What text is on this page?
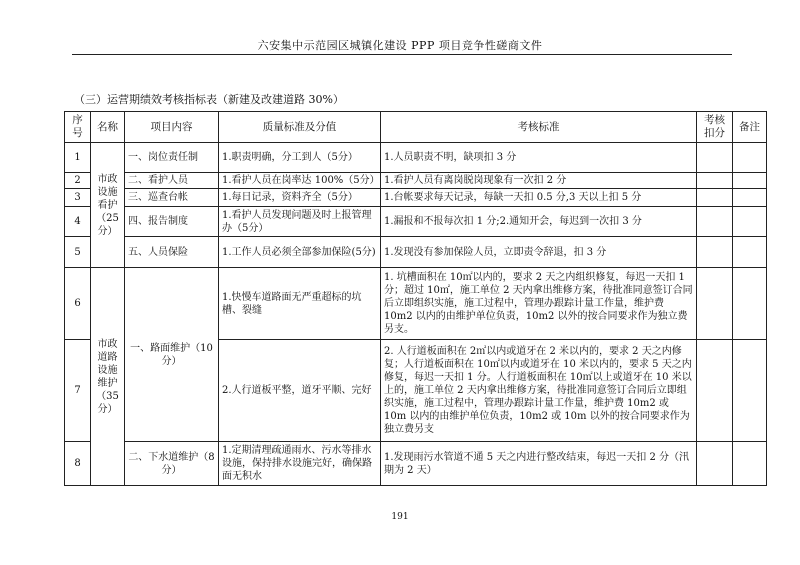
六安集中示范园区城镇化建设 PPP 项目竞争性磋商文件
（三）运营期绩效考核指标表（新建及改建道路 30%）
序号	名称	项目内容	质量标准及分值	考核标准	考核扣分	备注
1	市政设施看护（25分）	一、岗位责任制	1.职责明确，分工到人（5分）	1.人员职责不明，缺项扣 3 分		
2		二、看护人员	1.看护人员在岗率达 100%（5分）	1.看护人员有离岗脱岗现象有一次扣 2 分		
3		三、巡查台帐	1.每日记录，资料齐全（5分）	1.台帐要求每天记录，每缺一天扣 0.5 分,3 天以上扣 5 分		
4		四、报告制度	1.看护人员发现问题及时上报管理办（5分）	1.漏报和不报每次扣 1 分;2.通知开会，每迟到一次扣 3 分		
5		五、人员保险	1.工作人员必须全部参加保险(5分)	1.发现没有参加保险人员，立即责令辞退，扣 3 分		
6	市政道路设施维护（35分）	一、路面维护（10分）	1.快慢车道路面无严重超标的坑槽、裂缝	1. 坑槽面积在 10㎡以内的，要求 2 天之内组织修复，每迟一天扣 1 分；超过 10㎡，施工单位 2 天内拿出维修方案，待批准同意签订合同后立即组织实施，施工过程中，管理办跟踪计量工作量，维护费 10m2 以内的由维护单位负责，10m2 以外的按合同要求作为独立费另支。		
7			2.人行道板平整，道牙平顺、完好	2. 人行道板面积在 2㎡以内或道牙在 2 米以内的，要求 2 天之内修复；人行道板面积在 10㎡以内或道牙在 10 米以内的，要求 5 天之内修复，每迟一天扣 1 分。人行道板面积在 10㎡以上或道牙在 10 米以上的，施工单位 2 天内拿出维修方案，待批准同意签订合同后立即组织实施，施工过程中，管理办跟踪计量工作量，维护费 10m2 或 10m 以内的由维护单位负责，10m2 或 10m 以外的按合同要求作为独立费另支		
8		二、下水道维护（8分）	1.定期清理疏通雨水、污水等排水设施，保持排水设施完好，确保路面无积水	1.发现雨污水管道不通 5 天之内进行整改结束，每迟一天扣 2 分（汛期为 2 天）		
191
